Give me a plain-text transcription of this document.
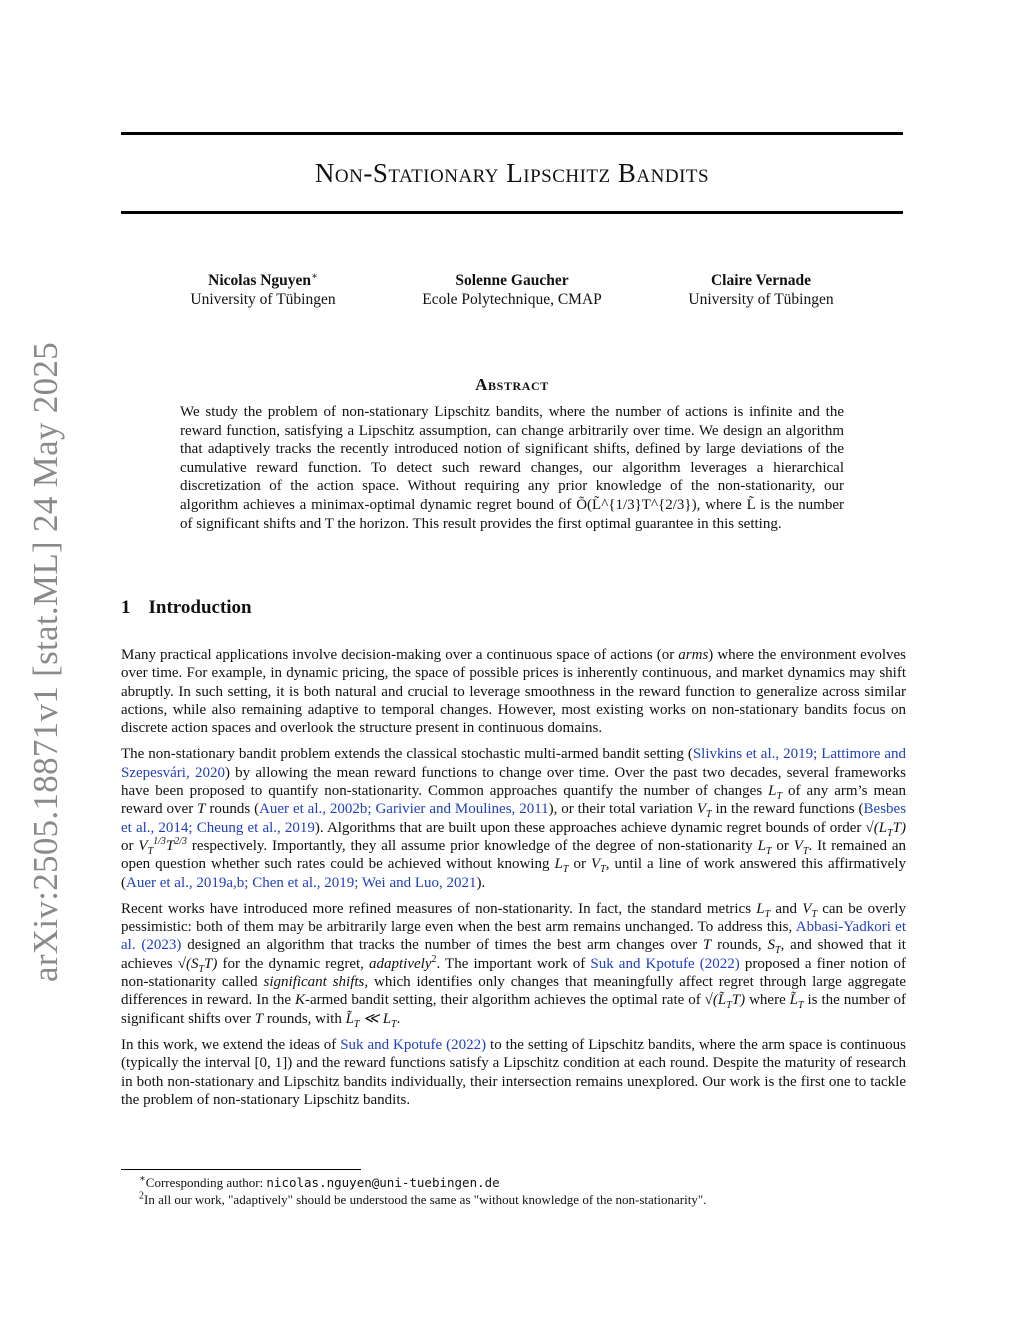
arXiv:2505.18871v1 [stat.ML] 24 May 2025
Non-Stationary Lipschitz Bandits
Nicolas Nguyen∗
University of Tübingen
Solenne Gaucher
Ecole Polytechnique, CMAP
Claire Vernade
University of Tübingen
Abstract
We study the problem of non-stationary Lipschitz bandits, where the number of actions is infinite and the reward function, satisfying a Lipschitz assumption, can change arbitrarily over time. We design an algorithm that adaptively tracks the recently introduced notion of significant shifts, defined by large deviations of the cumulative reward function. To detect such reward changes, our algorithm leverages a hierarchical discretization of the action space. Without requiring any prior knowledge of the non-stationarity, our algorithm achieves a minimax-optimal dynamic regret bound of Õ(L̃^{1/3}T^{2/3}), where L̃ is the number of significant shifts and T the horizon. This result provides the first optimal guarantee in this setting.
1 Introduction

Many practical applications involve decision-making over a continuous space of actions (or arms) where the environment evolves over time. For example, in dynamic pricing, the space of possible prices is inherently continuous, and market dynamics may shift abruptly. In such setting, it is both natural and crucial to leverage smoothness in the reward function to generalize across similar actions, while also remaining adaptive to temporal changes. However, most existing works on non-stationary bandits focus on discrete action spaces and overlook the structure present in continuous domains.

The non-stationary bandit problem extends the classical stochastic multi-armed bandit setting (Slivkins et al., 2019; Lattimore and Szepesvári, 2020) by allowing the mean reward functions to change over time. Over the past two decades, several frameworks have been proposed to quantify non-stationarity. Common approaches quantify the number of changes $L_T$ of any arm’s mean reward over T rounds (Auer et al., 2002b; Garivier and Moulines, 2011), or their total variation $V_T$ in the reward functions (Besbes et al., 2014; Cheung et al., 2019). Algorithms that are built upon these approaches achieve dynamic regret bounds of order $√(L_TT)$ or $V_T^{1/3}T^{2/3}$ respectively. Importantly, they all assume prior knowledge of the degree of non-stationarity $L_T$ or $V_T$. It remained an open question whether such rates could be achieved without knowing $L_T$ or $V_T$, until a line of work answered this affirmatively (Auer et al., 2019a,b; Chen et al., 2019; Wei and Luo, 2021).

Recent works have introduced more refined measures of non-stationarity. In fact, the standard metrics $L_T$ and $V_T$ can be overly pessimistic: both of them may be arbitrarily large even when the best arm remains unchanged. To address this, Abbasi-Yadkori et al. (2023) designed an algorithm that tracks the number of times the best arm changes over T rounds, $S_T$, and showed that it achieves $√(S_TT)$ for the dynamic regret, adaptively$^2$. The important work of Suk and Kpotufe (2022) proposed a finer notion of non-stationarity called significant shifts, which identifies only changes that meaningfully affect regret through large aggregate differences in reward. In the K-armed bandit setting, their algorithm achieves the optimal rate of $√(L̃_TT)$ where $L̃_T$ is the number of significant shifts over T rounds, with $L̃_T$ ≪ $L_T$.

In this work, we extend the ideas of Suk and Kpotufe (2022) to the setting of Lipschitz bandits, where the arm space is continuous (typically the interval [0, 1]) and the reward functions satisfy a Lipschitz condition at each round. Despite the maturity of research in both non-stationary and Lipschitz bandits individually, their intersection remains unexplored. Our work is the first one to tackle the problem of non-stationary Lipschitz bandits.

∗Corresponding author: nicolas.nguyen@uni-tuebingen.de
$^2$In all our work, "adaptively" should be understood the same as "without knowledge of the non-stationarity".
